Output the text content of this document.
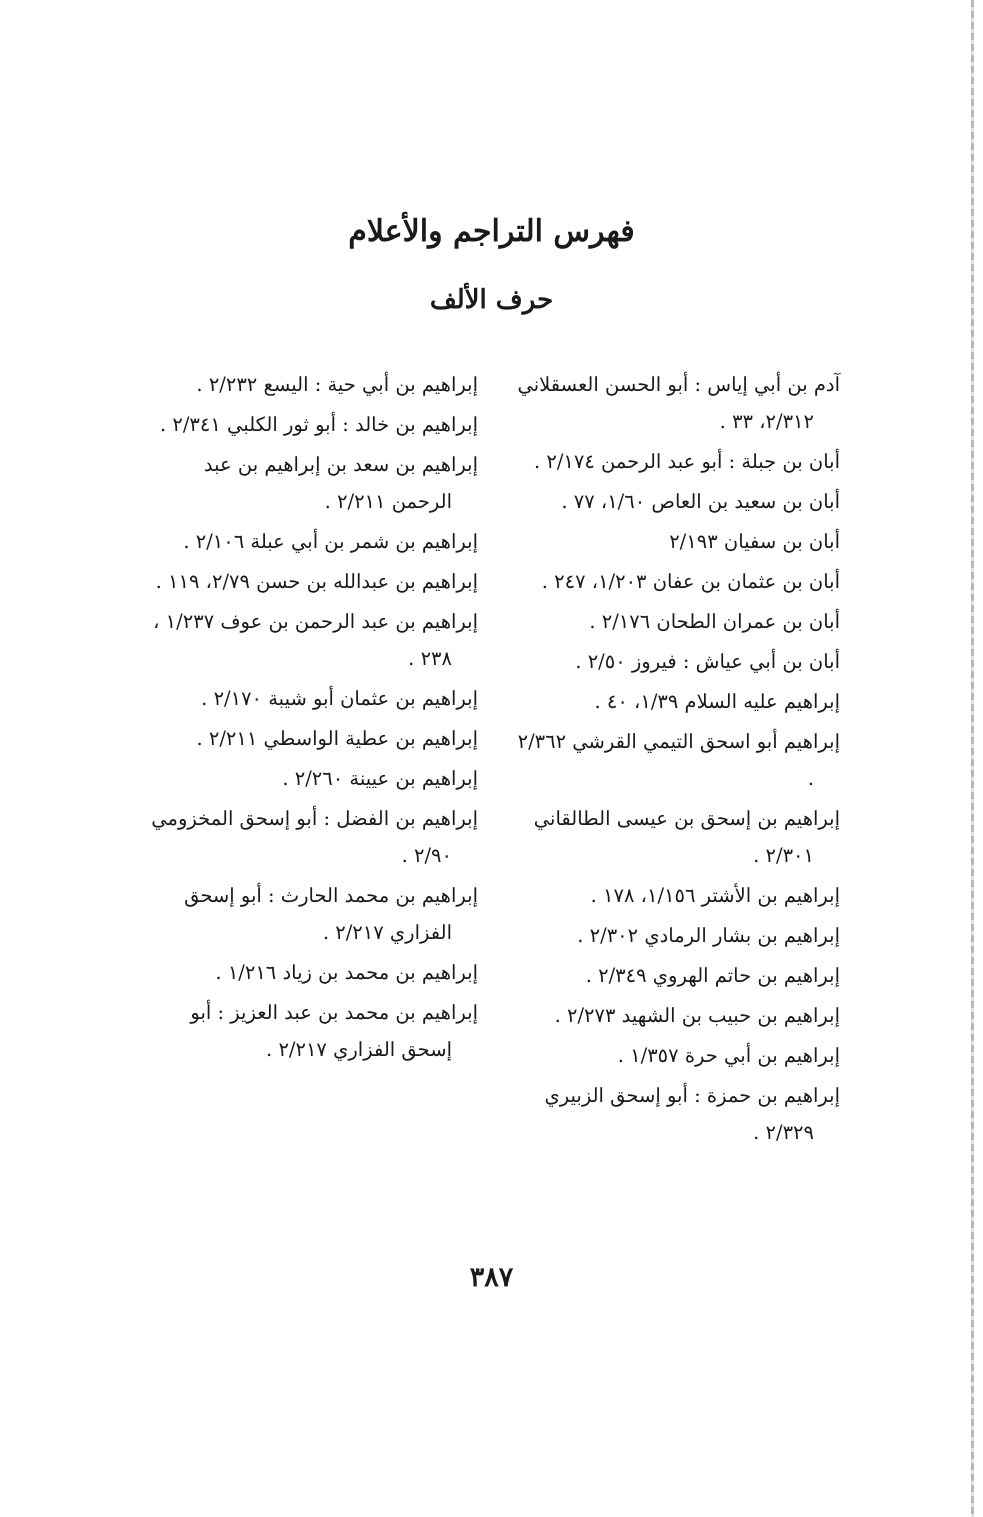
فهرس التراجم والأعلام
حرف الألف
آدم بن أبي إياس : أبو الحسن العسقلاني ٢/٣١٢، ٣٣ .
أبان بن جبلة : أبو عبد الرحمن ٢/١٧٤ .
أبان بن سعيد بن العاص ١/٦٠، ٧٧ .
أبان بن سفيان ٢/١٩٣
أبان بن عثمان بن عفان ١/٢٠٣، ٢٤٧ .
أبان بن عمران الطحان ٢/١٧٦ .
أبان بن أبي عياش : فيروز ٢/٥٠ .
إبراهيم عليه السلام ١/٣٩، ٤٠ .
إبراهيم أبو اسحق التيمي القرشي ٢/٣٦٢ .
إبراهيم بن إسحق بن عيسى الطالقاني ٢/٣٠١ .
إبراهيم بن الأشتر ١/١٥٦، ١٧٨ .
إبراهيم بن بشار الرمادي ٢/٣٠٢ .
إبراهيم بن حاتم الهروي ٢/٣٤٩ .
إبراهيم بن حبيب بن الشهيد ٢/٢٧٣ .
إبراهيم بن أبي حرة ١/٣٥٧ .
إبراهيم بن حمزة : أبو إسحق الزبيري ٢/٣٢٩ .
إبراهيم بن أبي حية : اليسع ٢/٢٣٢ .
إبراهيم بن خالد : أبو ثور الكلبي ٢/٣٤١ .
إبراهيم بن سعد بن إبراهيم بن عبد الرحمن ٢/٢١١ .
إبراهيم بن شمر بن أبي عبلة ٢/١٠٦ .
إبراهيم بن عبدالله بن حسن ٢/٧٩، ١١٩ .
إبراهيم بن عبد الرحمن بن عوف ١/٢٣٧ ، ٢٣٨ .
إبراهيم بن عثمان أبو شيبة ٢/١٧٠ .
إبراهيم بن عطية الواسطي ٢/٢١١ .
إبراهيم بن عيينة ٢/٢٦٠ .
إبراهيم بن الفضل : أبو إسحق المخزومي ٢/٩٠ .
إبراهيم بن محمد الحارث : أبو إسحق الفزاري ٢/٢١٧ .
إبراهيم بن محمد بن زياد ١/٢١٦ .
إبراهيم بن محمد بن عبد العزيز : أبو إسحق الفزاري ٢/٢١٧ .
٣٨٧
